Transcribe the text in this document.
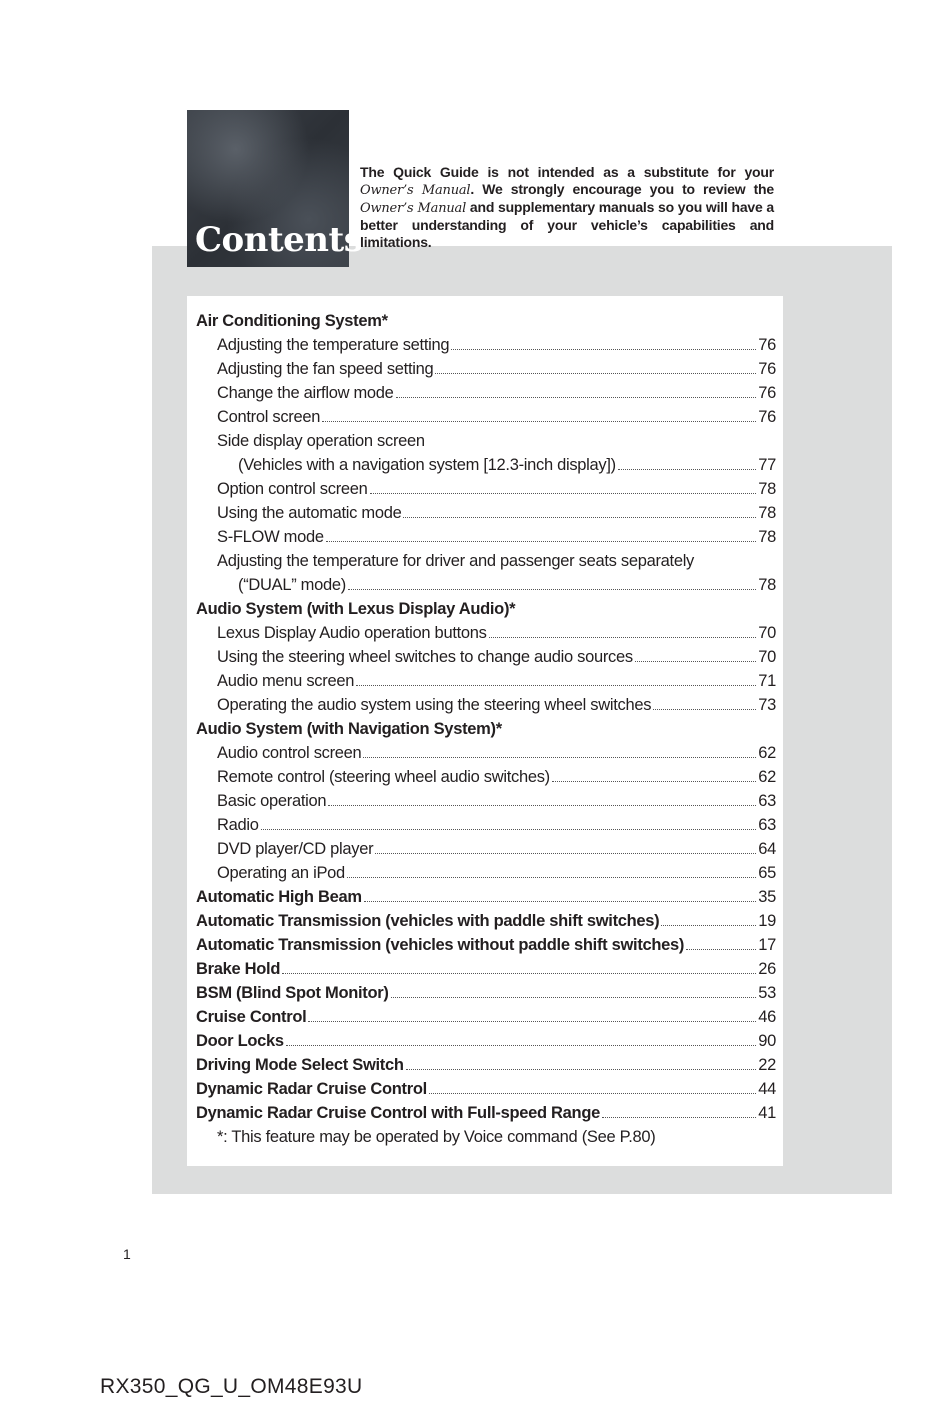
Contents
The Quick Guide is not intended as a substitute for your Owner’s Manual. We strongly encourage you to review the Owner’s Manual and supplementary manuals so you will have a better understanding of your vehicle’s capabilities and limitations.
Air Conditioning System*
Adjusting the temperature setting	76
Adjusting the fan speed setting	76
Change the airflow mode	76
Control screen	76
Side display operation screen
(Vehicles with a navigation system [12.3-inch display])	77
Option control screen	78
Using the automatic mode	78
S-FLOW mode	78
Adjusting the temperature for driver and passenger seats separately
(“DUAL” mode)	78
Audio System (with Lexus Display Audio)*
Lexus Display Audio operation buttons	70
Using the steering wheel switches to change audio sources	70
Audio menu screen	71
Operating the audio system using the steering wheel switches	73
Audio System (with Navigation System)*
Audio control screen	62
Remote control (steering wheel audio switches)	62
Basic operation	63
Radio	63
DVD player/CD player	64
Operating an iPod	65
Automatic High Beam	35
Automatic Transmission (vehicles with paddle shift switches)	19
Automatic Transmission (vehicles without paddle shift switches)	17
Brake Hold	26
BSM (Blind Spot Monitor)	53
Cruise Control	46
Door Locks	90
Driving Mode Select Switch	22
Dynamic Radar Cruise Control	44
Dynamic Radar Cruise Control with Full-speed Range	41
*: This feature may be operated by Voice command (See P.80)
1
RX350_QG_U_OM48E93U
